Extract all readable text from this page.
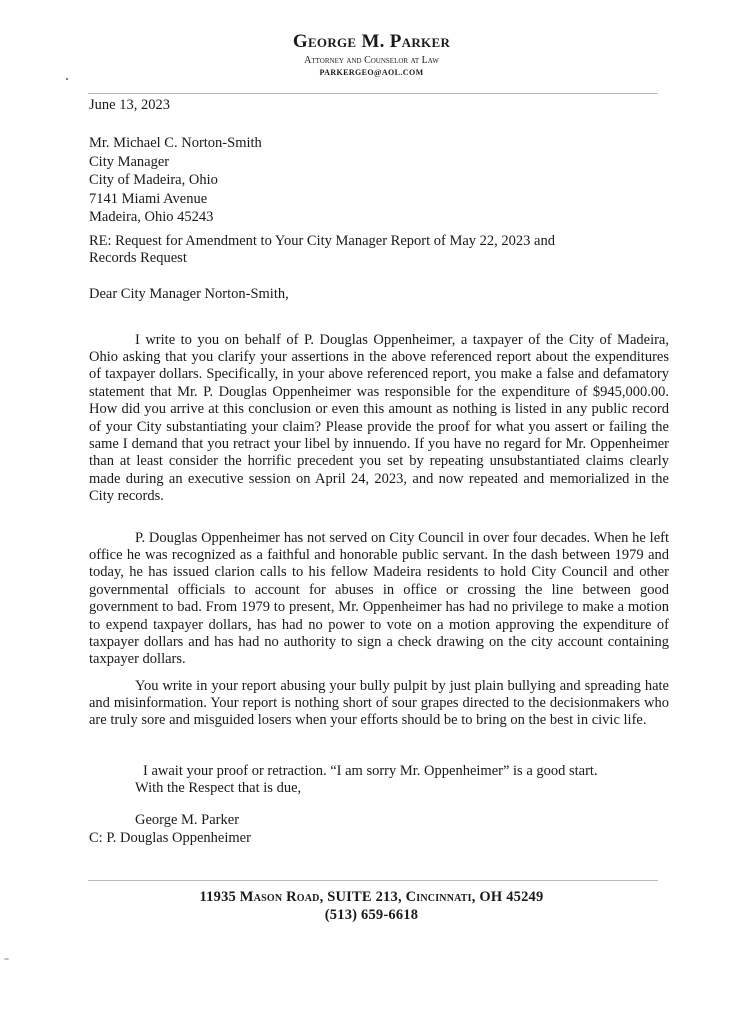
George M. Parker
Attorney and Counselor at Law
PARKERGEO@AOL.COM
June 13, 2023
Mr. Michael C. Norton-Smith
City Manager
City of Madeira, Ohio
7141 Miami Avenue
Madeira, Ohio 45243
RE: Request for Amendment to Your City Manager Report of May 22, 2023 and
Records Request
Dear City Manager Norton-Smith,

I write to you on behalf of P. Douglas Oppenheimer, a taxpayer of the City of Madeira, Ohio asking that you clarify your assertions in the above referenced report about the expenditures of taxpayer dollars. Specifically, in your above referenced report, you make a false and defamatory statement that Mr. P. Douglas Oppenheimer was responsible for the expenditure of $945,000.00. How did you arrive at this conclusion or even this amount as nothing is listed in any public record of your City substantiating your claim? Please provide the proof for what you assert or failing the same I demand that you retract your libel by innuendo. If you have no regard for Mr. Oppenheimer than at least consider the horrific precedent you set by repeating unsubstantiated claims clearly made during an executive session on April 24, 2023, and now repeated and memorialized in the City records.

P. Douglas Oppenheimer has not served on City Council in over four decades. When he left office he was recognized as a faithful and honorable public servant. In the dash between 1979 and today, he has issued clarion calls to his fellow Madeira residents to hold City Council and other governmental officials to account for abuses in office or crossing the line between good government to bad. From 1979 to present, Mr. Oppenheimer has had no privilege to make a motion to expend taxpayer dollars, has had no power to vote on a motion approving the expenditure of taxpayer dollars and has had no authority to sign a check drawing on the city account containing taxpayer dollars.

You write in your report abusing your bully pulpit by just plain bullying and spreading hate and misinformation. Your report is nothing short of sour grapes directed to the decisionmakers who are truly sore and misguided losers when your efforts should be to bring on the best in civic life.

I await your proof or retraction. “I am sorry Mr. Oppenheimer” is a good start.

With the Respect that is due,
George M. Parker
C: P. Douglas Oppenheimer
11935 Mason Road, SUITE 213, Cincinnati, OH 45249
(513) 659-6618
